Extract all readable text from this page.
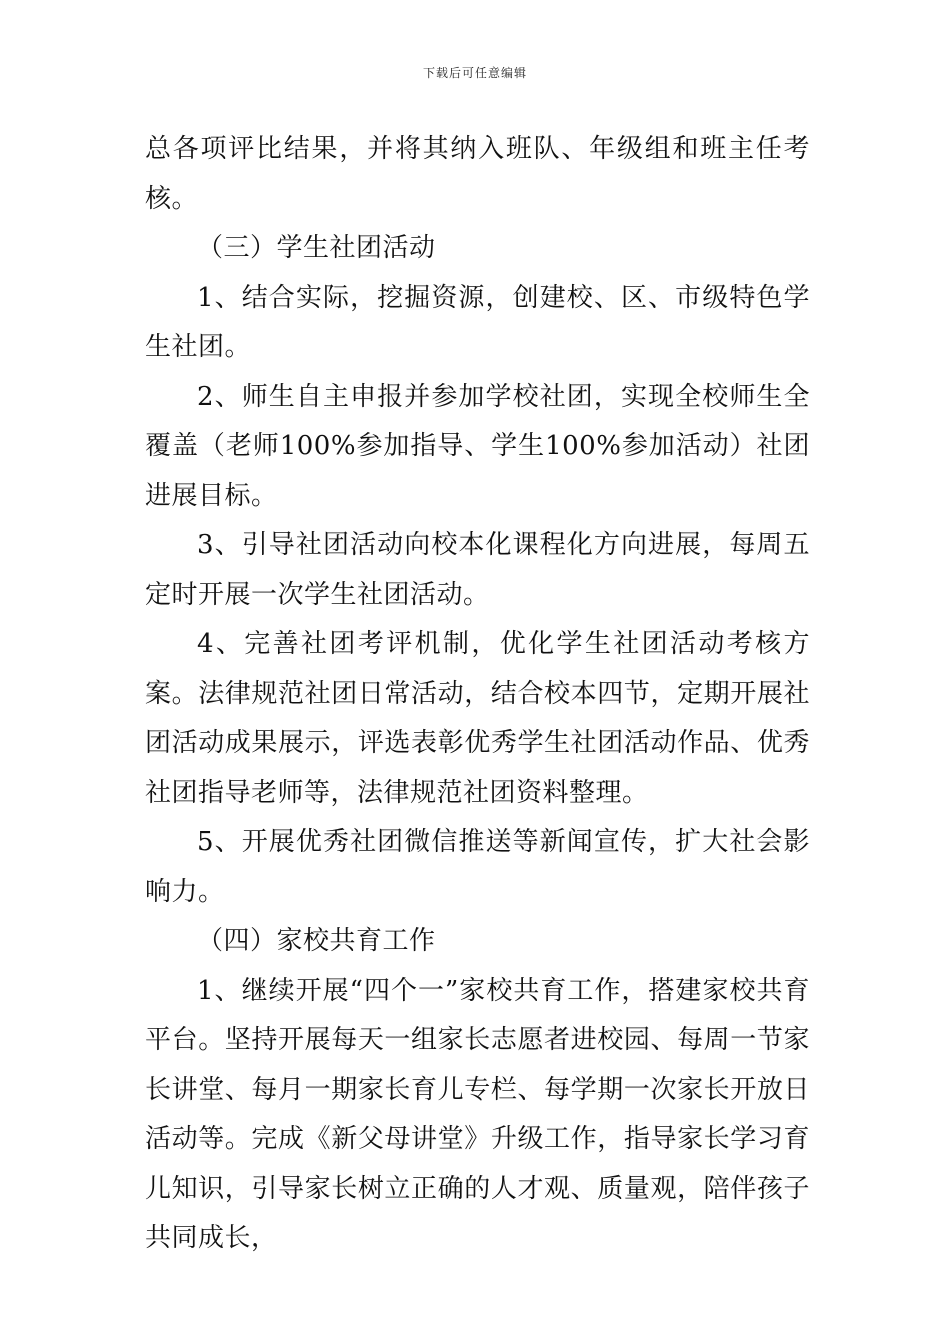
下载后可任意编辑

总各项评比结果，并将其纳入班队、年级组和班主任考核。

（三）学生社团活动

1、结合实际，挖掘资源，创建校、区、市级特色学生社团。

2、师生自主申报并参加学校社团，实现全校师生全覆盖（老师100%参加指导、学生100%参加活动）社团进展目标。

3、引导社团活动向校本化课程化方向进展，每周五定时开展一次学生社团活动。

4、完善社团考评机制，优化学生社团活动考核方案。法律规范社团日常活动，结合校本四节，定期开展社团活动成果展示，评选表彰优秀学生社团活动作品、优秀社团指导老师等，法律规范社团资料整理。

5、开展优秀社团微信推送等新闻宣传，扩大社会影响力。

（四）家校共育工作

1、继续开展“四个一”家校共育工作，搭建家校共育平台。坚持开展每天一组家长志愿者进校园、每周一节家长讲堂、每月一期家长育儿专栏、每学期一次家长开放日活动等。完成《新父母讲堂》升级工作，指导家长学习育儿知识，引导家长树立正确的人才观、质量观，陪伴孩子共同成长，
